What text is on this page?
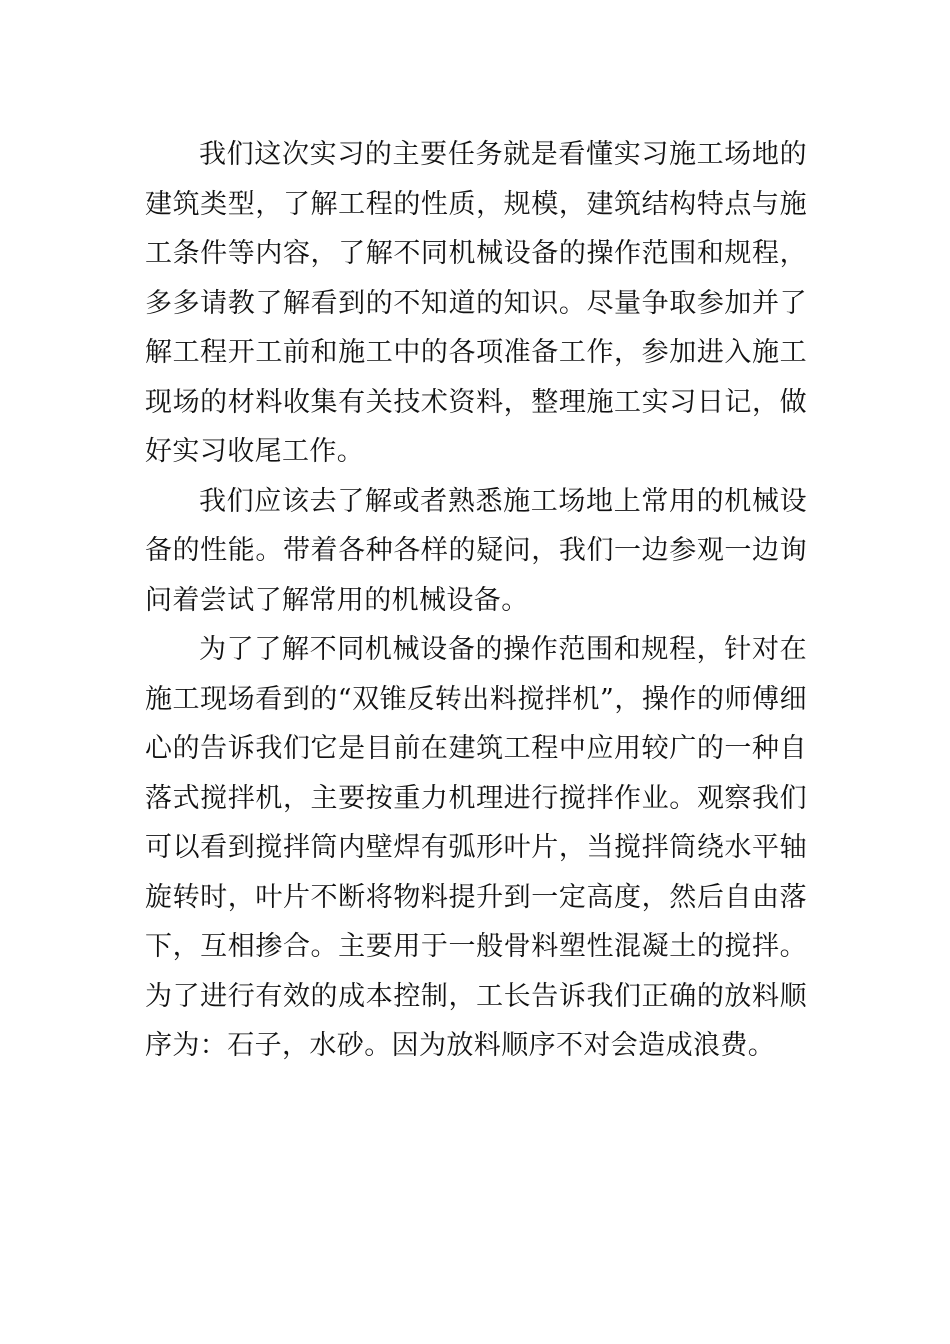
我们这次实习的主要任务就是看懂实习施工场地的建筑类型，了解工程的性质，规模，建筑结构特点与施工条件等内容，了解不同机械设备的操作范围和规程，多多请教了解看到的不知道的知识。尽量争取参加并了解工程开工前和施工中的各项准备工作，参加进入施工现场的材料收集有关技术资料，整理施工实习日记，做好实习收尾工作。

我们应该去了解或者熟悉施工场地上常用的机械设备的性能。带着各种各样的疑问，我们一边参观一边询问着尝试了解常用的机械设备。

为了了解不同机械设备的操作范围和规程，针对在施工现场看到的“双锥反转出料搅拌机”，操作的师傅细心的告诉我们它是目前在建筑工程中应用较广的一种自落式搅拌机，主要按重力机理进行搅拌作业。观察我们可以看到搅拌筒内壁焊有弧形叶片，当搅拌筒绕水平轴旋转时，叶片不断将物料提升到一定高度，然后自由落下，互相掺合。主要用于一般骨料塑性混凝土的搅拌。为了进行有效的成本控制，工长告诉我们正确的放料顺序为：石子，水砂。因为放料顺序不对会造成浪费。
